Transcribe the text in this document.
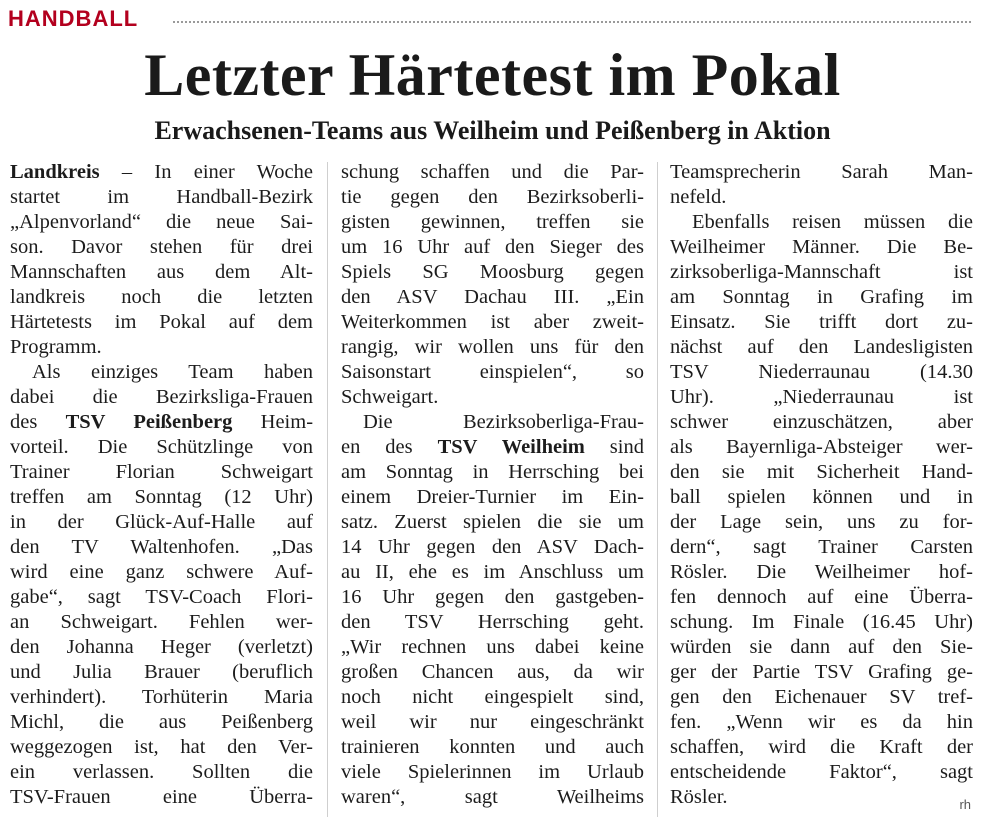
HANDBALL
Letzter Härtetest im Pokal
Erwachsenen-Teams aus Weilheim und Peißenberg in Aktion
Landkreis – In einer Woche
startet im Handball-Bezirk
„Alpenvorland“ die neue Sai-
son. Davor stehen für drei
Mannschaften aus dem Alt-
landkreis noch die letzten
Härtetests im Pokal auf dem
Programm.
Als einziges Team haben
dabei die Bezirksliga-Frauen
des TSV Peißenberg Heim-
vorteil. Die Schützlinge von
Trainer Florian Schweigart
treffen am Sonntag (12 Uhr)
in der Glück-Auf-Halle auf
den TV Waltenhofen. „Das
wird eine ganz schwere Auf-
gabe“, sagt TSV-Coach Flori-
an Schweigart. Fehlen wer-
den Johanna Heger (verletzt)
und Julia Brauer (beruflich
verhindert). Torhüterin Maria
Michl, die aus Peißenberg
weggezogen ist, hat den Ver-
ein verlassen. Sollten die
TSV-Frauen eine Überra-
schung schaffen und die Par-
tie gegen den Bezirksoberli-
gisten gewinnen, treffen sie
um 16 Uhr auf den Sieger des
Spiels SG Moosburg gegen
den ASV Dachau III. „Ein
Weiterkommen ist aber zweit-
rangig, wir wollen uns für den
Saisonstart einspielen“, so
Schweigart.
Die Bezirksoberliga-Frau-
en des TSV Weilheim sind
am Sonntag in Herrsching bei
einem Dreier-Turnier im Ein-
satz. Zuerst spielen die sie um
14 Uhr gegen den ASV Dach-
au II, ehe es im Anschluss um
16 Uhr gegen den gastgeben-
den TSV Herrsching geht.
„Wir rechnen uns dabei keine
großen Chancen aus, da wir
noch nicht eingespielt sind,
weil wir nur eingeschränkt
trainieren konnten und auch
viele Spielerinnen im Urlaub
waren“, sagt Weilheims
Teamsprecherin Sarah Man-
nefeld.
Ebenfalls reisen müssen die
Weilheimer Männer. Die Be-
zirksoberliga-Mannschaft ist
am Sonntag in Grafing im
Einsatz. Sie trifft dort zu-
nächst auf den Landesligisten
TSV Niederraunau (14.30
Uhr). „Niederraunau ist
schwer einzuschätzen, aber
als Bayernliga-Absteiger wer-
den sie mit Sicherheit Hand-
ball spielen können und in
der Lage sein, uns zu for-
dern“, sagt Trainer Carsten
Rösler. Die Weilheimer hof-
fen dennoch auf eine Überra-
schung. Im Finale (16.45 Uhr)
würden sie dann auf den Sie-
ger der Partie TSV Grafing ge-
gen den Eichenauer SV tref-
fen. „Wenn wir es da hin
schaffen, wird die Kraft der
entscheidende Faktor“, sagt
Rösler.	rh
